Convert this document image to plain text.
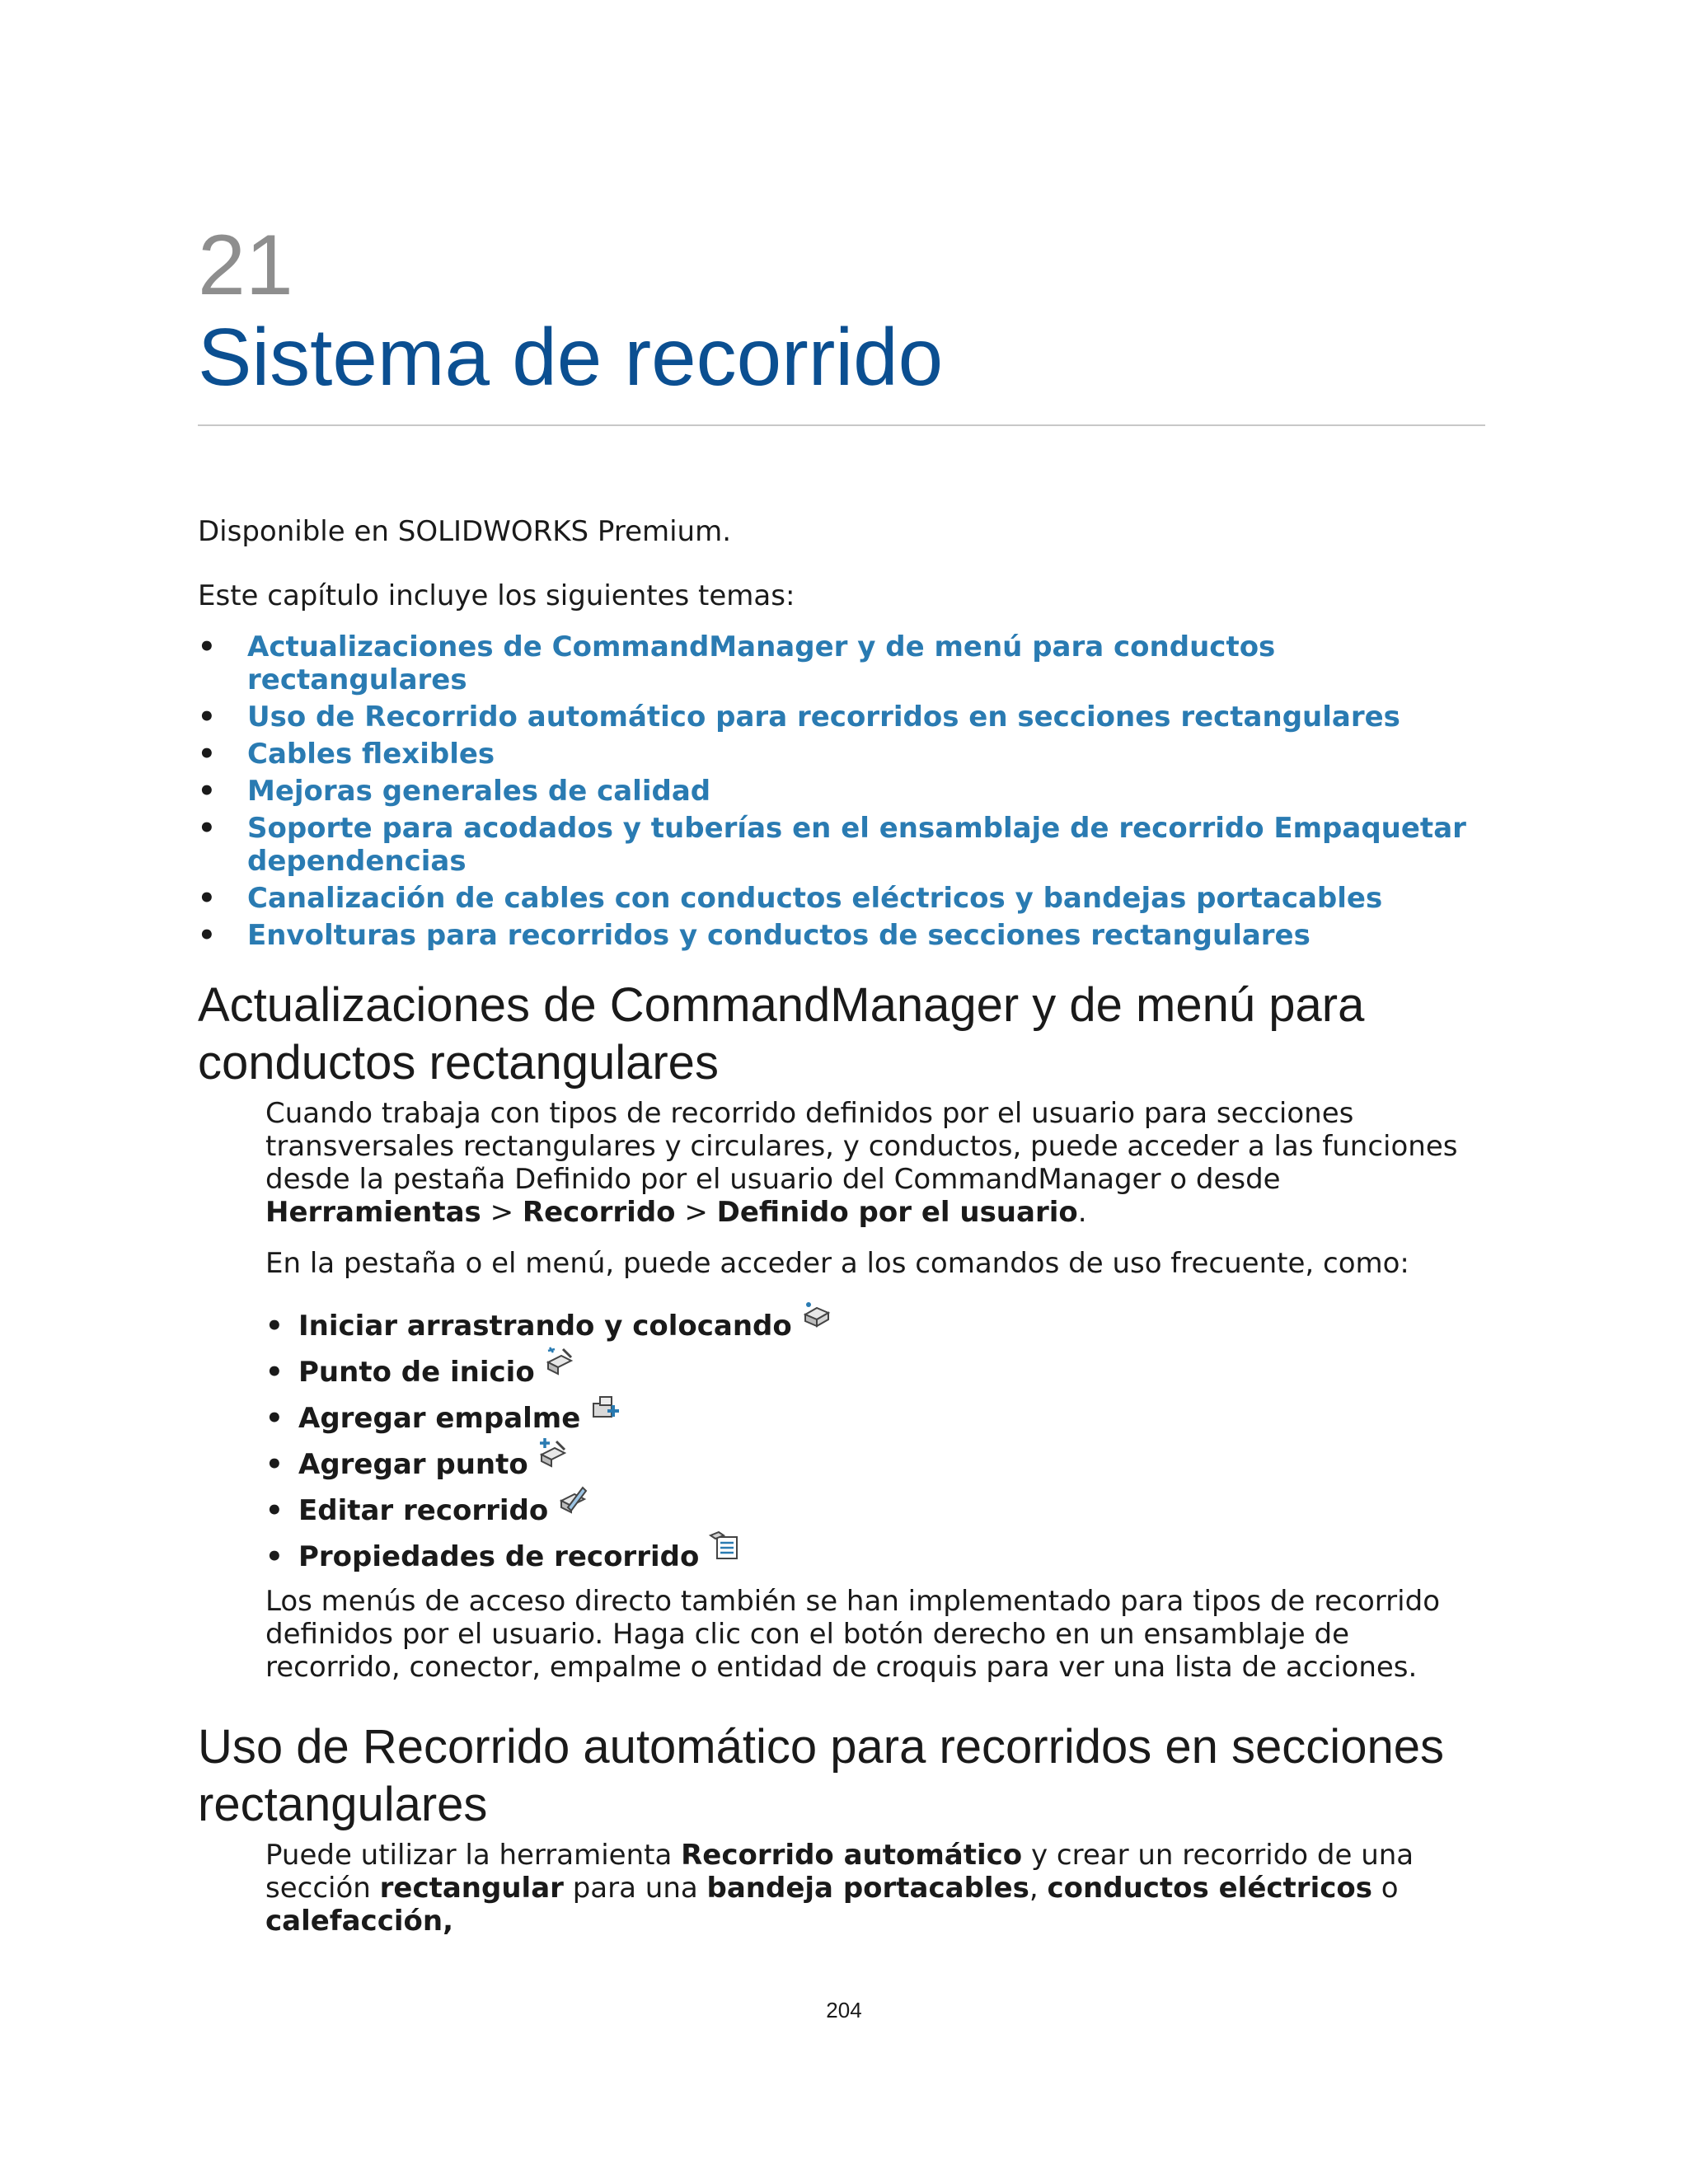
21
Sistema de recorrido

Disponible en SOLIDWORKS Premium.

Este capítulo incluye los siguientes temas:

• Actualizaciones de CommandManager y de menú para conductos rectangulares
• Uso de Recorrido automático para recorridos en secciones rectangulares
• Cables flexibles
• Mejoras generales de calidad
• Soporte para acodados y tuberías en el ensamblaje de recorrido Empaquetar dependencias
• Canalización de cables con conductos eléctricos y bandejas portacables
• Envolturas para recorridos y conductos de secciones rectangulares
Actualizaciones de CommandManager y de menú para conductos rectangulares

Cuando trabaja con tipos de recorrido definidos por el usuario para secciones transversales rectangulares y circulares, y conductos, puede acceder a las funciones desde la pestaña Definido por el usuario del CommandManager o desde Herramientas > Recorrido > Definido por el usuario.

En la pestaña o el menú, puede acceder a los comandos de uso frecuente, como:

• Iniciar arrastrando y colocando
• Punto de inicio
• Agregar empalme
• Agregar punto
• Editar recorrido
• Propiedades de recorrido

Los menús de acceso directo también se han implementado para tipos de recorrido definidos por el usuario. Haga clic con el botón derecho en un ensamblaje de recorrido, conector, empalme o entidad de croquis para ver una lista de acciones.

Uso de Recorrido automático para recorridos en secciones rectangulares

Puede utilizar la herramienta Recorrido automático y crear un recorrido de una sección rectangular para una bandeja portacables, conductos eléctricos o calefacción,

204
